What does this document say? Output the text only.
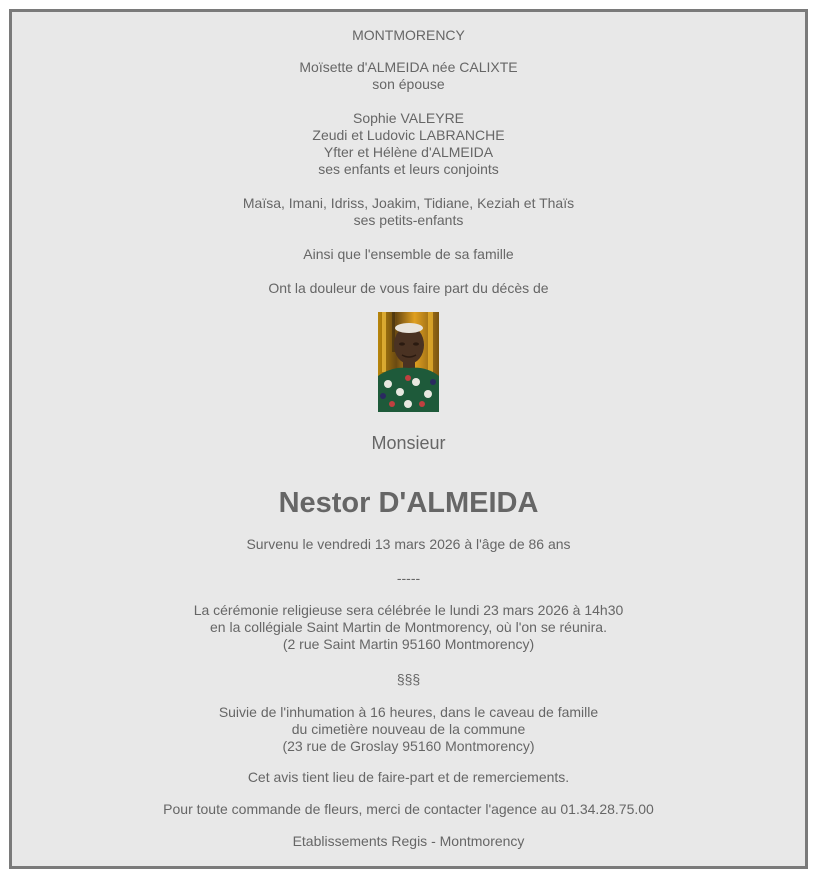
MONTMORENCY
Moïsette d'ALMEIDA née CALIXTE
son épouse
Sophie VALEYRE
Zeudi et Ludovic LABRANCHE
Yfter et Hélène d'ALMEIDA
ses enfants et leurs conjoints
Maïsa, Imani, Idriss, Joakim, Tidiane, Keziah et Thaïs
ses petits-enfants
Ainsi que l'ensemble de sa famille
Ont la douleur de vous faire part du décès de
Monsieur
Nestor D'ALMEIDA
Survenu le vendredi 13 mars 2026 à l'âge de 86 ans
-----
La cérémonie religieuse sera célébrée le lundi 23 mars 2026 à 14h30
en la collégiale Saint Martin de Montmorency, où l'on se réunira.
(2 rue Saint Martin 95160 Montmorency)
§§§
Suivie de l'inhumation à 16 heures, dans le caveau de famille
du cimetière nouveau de la commune
(23 rue de Groslay 95160 Montmorency)
Cet avis tient lieu de faire-part et de remerciements.
Pour toute commande de fleurs, merci de contacter l'agence au 01.34.28.75.00
Etablissements Regis - Montmorency
